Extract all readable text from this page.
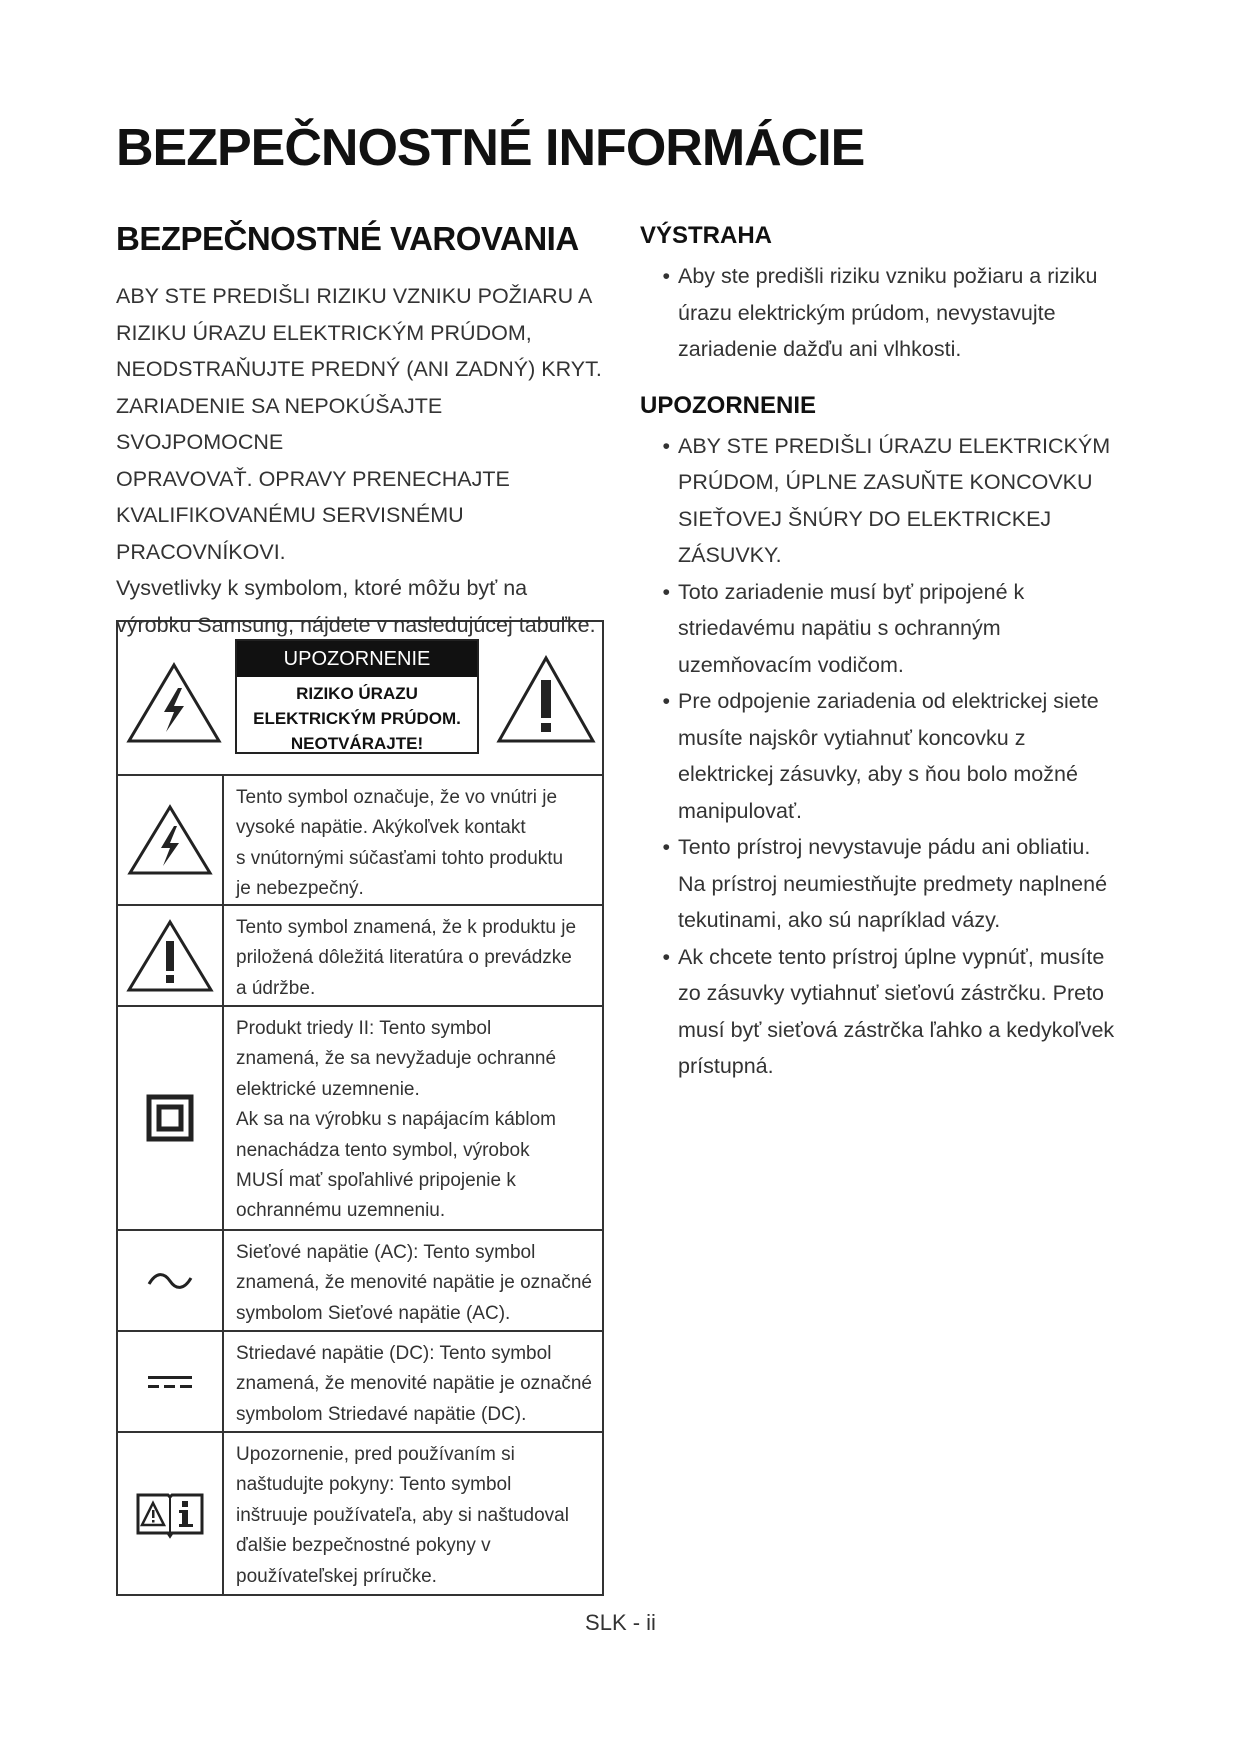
BEZPEČNOSTNÉ INFORMÁCIE
BEZPEČNOSTNÉ VAROVANIA

ABY STE PREDIŠLI RIZIKU VZNIKU POŽIARU A
RIZIKU ÚRAZU ELEKTRICKÝM PRÚDOM,
NEODSTRAŇUJTE PREDNÝ (ANI ZADNÝ) KRYT.
ZARIADENIE SA NEPOKÚŠAJTE SVOJPOMOCNE
OPRAVOVAŤ. OPRAVY PRENECHAJTE
KVALIFIKOVANÉMU SERVISNÉMU
PRACOVNÍKOVI.

Vysvetlivky k symbolom, ktoré môžu byť na
výrobku Samsung, nájdete v nasledujúcej tabuľke.

UPOZORNENIE
RIZIKO ÚRAZU
ELEKTRICKÝM PRÚDOM.
NEOTVÁRAJTE!
Tento symbol označuje, že vo vnútri je
vysoké napätie. Akýkoľvek kontakt
s vnútornými súčasťami tohto produktu
je nebezpečný.
Tento symbol znamená, že k produktu je
priložená dôležitá literatúra o prevádzke
a údržbe.
Produkt triedy II: Tento symbol
znamená, že sa nevyžaduje ochranné
elektrické uzemnenie.
Ak sa na výrobku s napájacím káblom
nenachádza tento symbol, výrobok
MUSÍ mať spoľahlivé pripojenie k
ochrannému uzemneniu.
Sieťové napätie (AC): Tento symbol
znamená, že menovité napätie je označné
symbolom Sieťové napätie (AC).
Striedavé napätie (DC): Tento symbol
znamená, že menovité napätie je označné
symbolom Striedavé napätie (DC).
Upozornenie, pred používaním si
naštudujte pokyny: Tento symbol
inštruuje používateľa, aby si naštudoval
ďalšie bezpečnostné pokyny v
používateľskej príručke.
VÝSTRAHA
• Aby ste predišli riziku vzniku požiaru a riziku
úrazu elektrickým prúdom, nevystavujte
zariadenie dažďu ani vlhkosti.
UPOZORNENIE
• ABY STE PREDIŠLI ÚRAZU ELEKTRICKÝM
PRÚDOM, ÚPLNE ZASUŇTE KONCOVKU
SIEŤOVEJ ŠNÚRY DO ELEKTRICKEJ
ZÁSUVKY.
• Toto zariadenie musí byť pripojené k
striedavému napätiu s ochranným
uzemňovacím vodičom.
• Pre odpojenie zariadenia od elektrickej siete
musíte najskôr vytiahnuť koncovku z
elektrickej zásuvky, aby s ňou bolo možné
manipulovať.
• Tento prístroj nevystavuje pádu ani obliatiu.
Na prístroj neumiestňujte predmety naplnené
tekutinami, ako sú napríklad vázy.
• Ak chcete tento prístroj úplne vypnúť, musíte
zo zásuvky vytiahnuť sieťovú zástrčku. Preto
musí byť sieťová zástrčka ľahko a kedykoľvek
prístupná.
SLK - ii
